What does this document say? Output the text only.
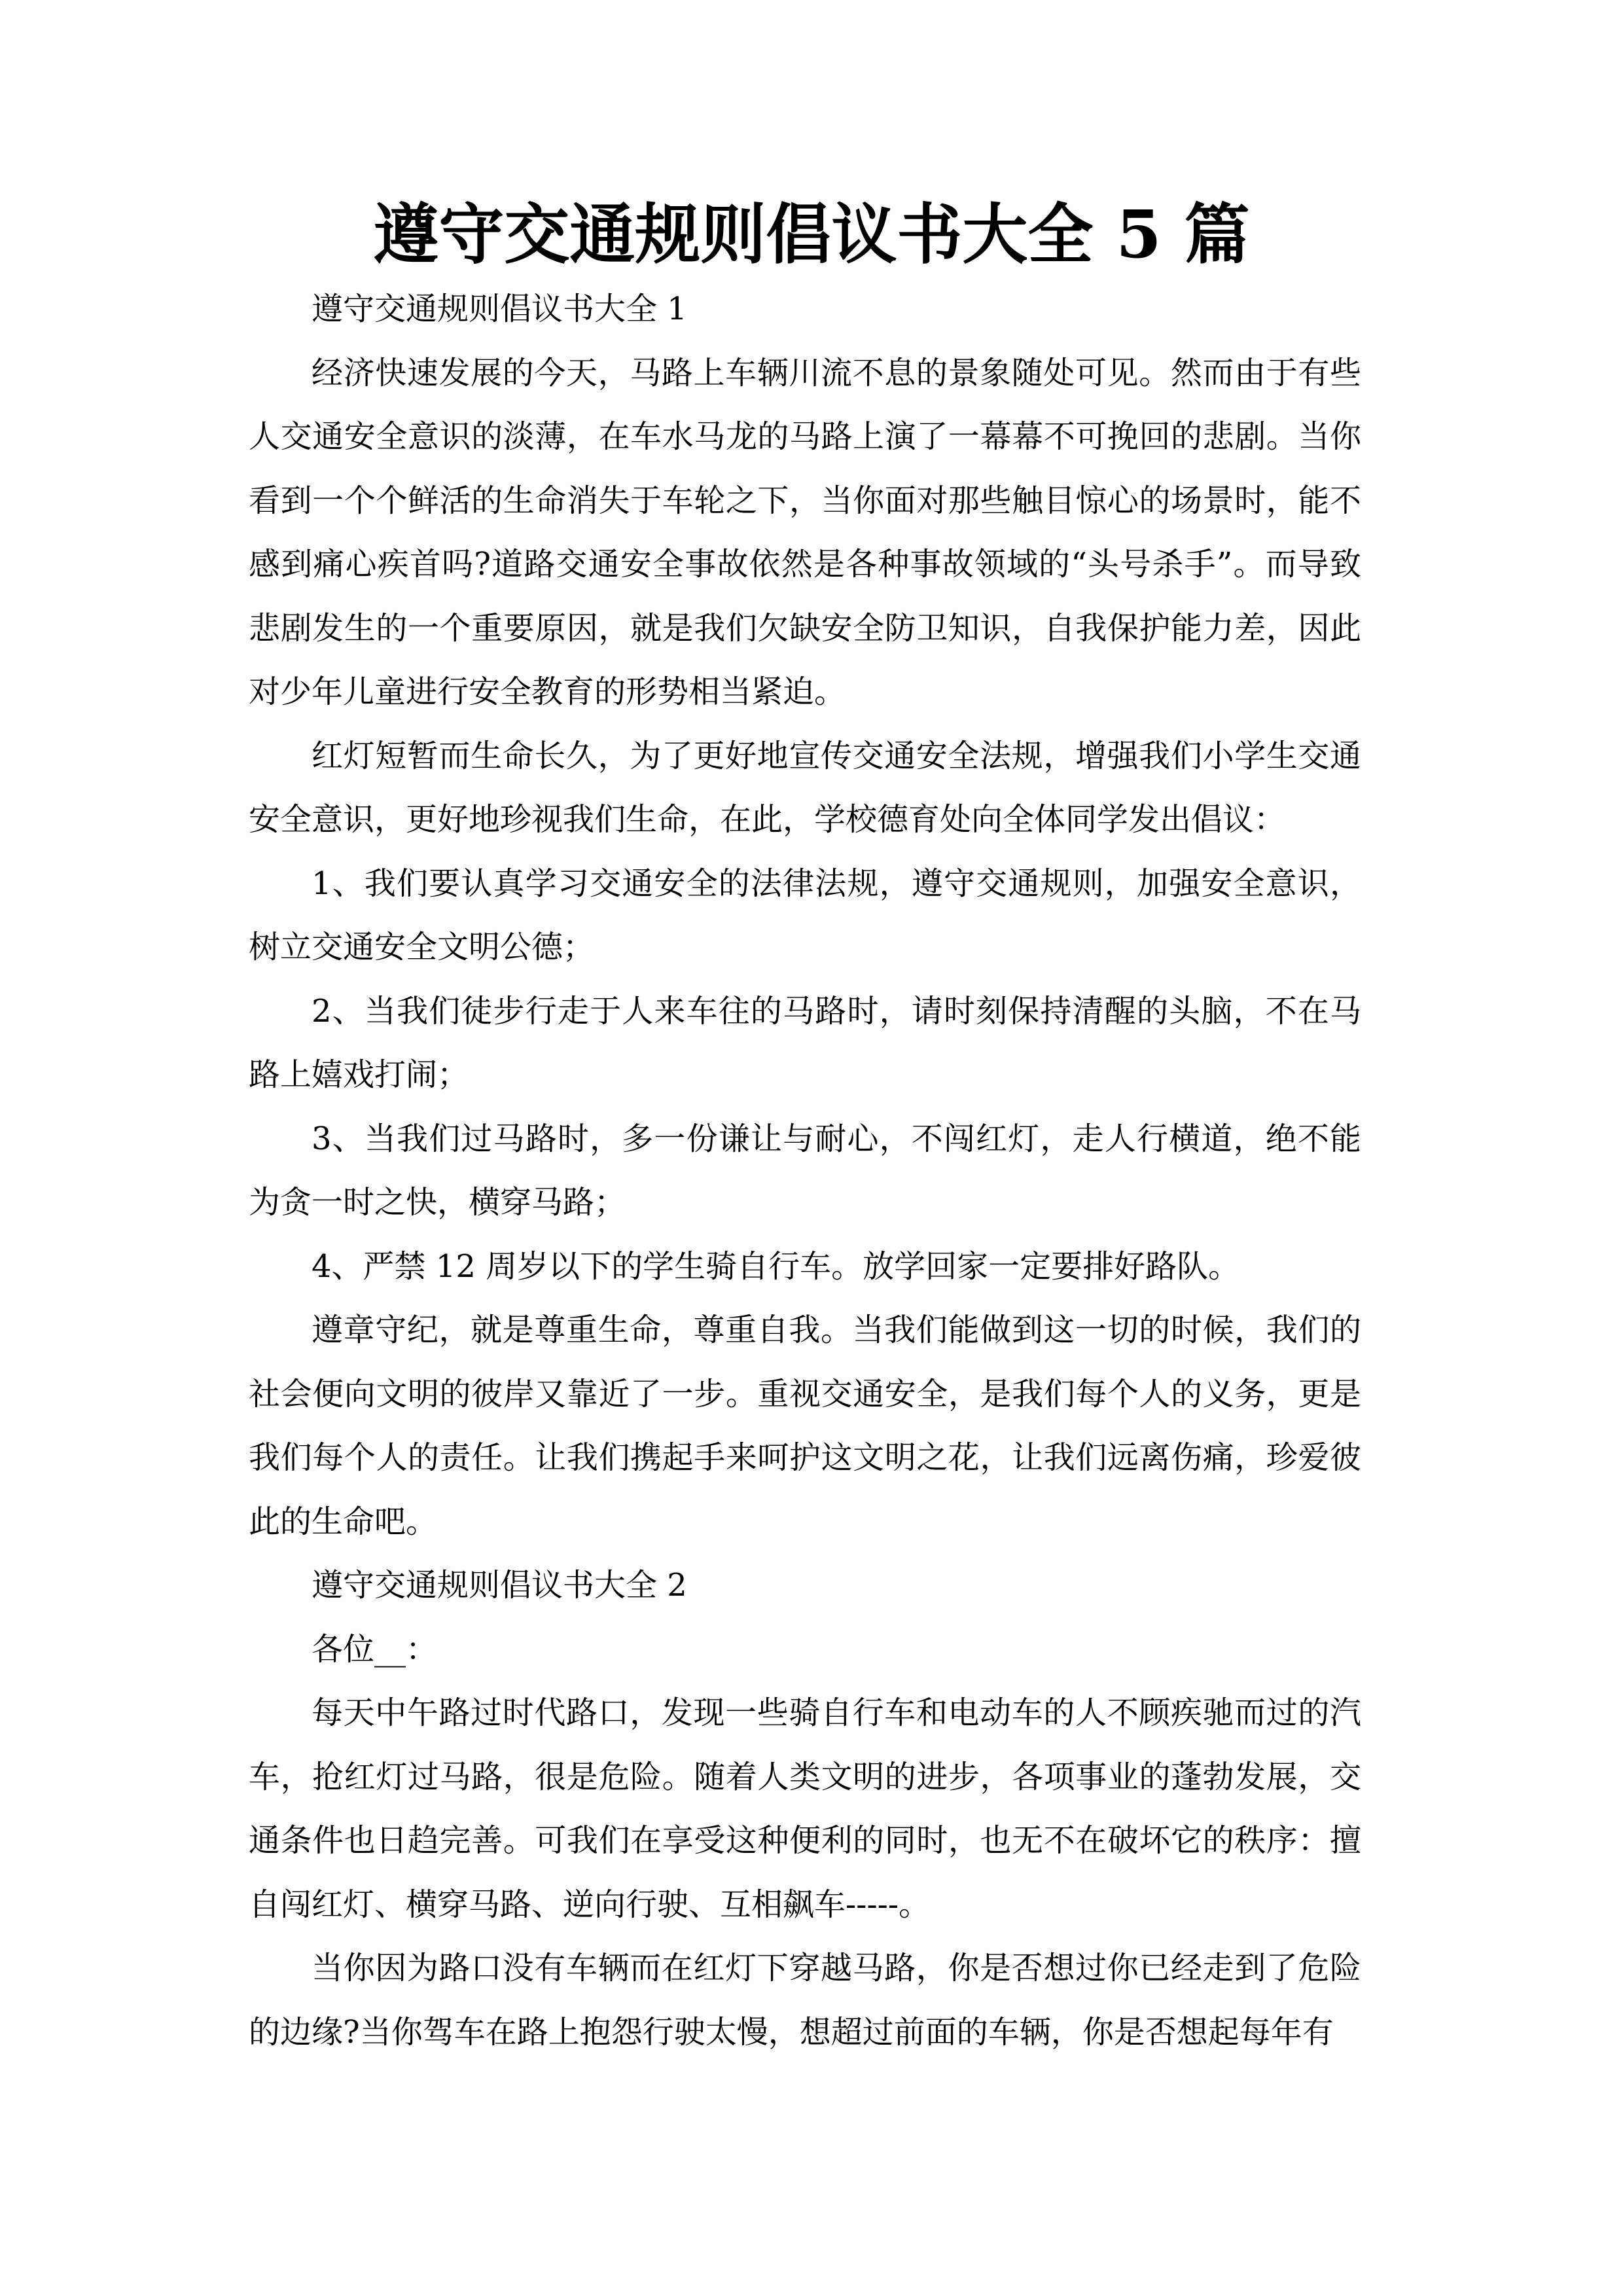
遵守交通规则倡议书大全 5 篇

遵守交通规则倡议书大全 1

经济快速发展的今天，马路上车辆川流不息的景象随处可见。然而由于有些人交通安全意识的淡薄，在车水马龙的马路上演了一幕幕不可挽回的悲剧。当你看到一个个鲜活的生命消失于车轮之下，当你面对那些触目惊心的场景时，能不感到痛心疾首吗?道路交通安全事故依然是各种事故领域的“头号杀手”。而导致悲剧发生的一个重要原因，就是我们欠缺安全防卫知识，自我保护能力差，因此对少年儿童进行安全教育的形势相当紧迫。

红灯短暂而生命长久，为了更好地宣传交通安全法规，增强我们小学生交通安全意识，更好地珍视我们生命，在此，学校德育处向全体同学发出倡议：

1、我们要认真学习交通安全的法律法规，遵守交通规则，加强安全意识，树立交通安全文明公德；

2、当我们徒步行走于人来车往的马路时，请时刻保持清醒的头脑，不在马路上嬉戏打闹；

3、当我们过马路时，多一份谦让与耐心，不闯红灯，走人行横道，绝不能为贪一时之快，横穿马路；

4、严禁 12 周岁以下的学生骑自行车。放学回家一定要排好路队。

遵章守纪，就是尊重生命，尊重自我。当我们能做到这一切的时候，我们的社会便向文明的彼岸又靠近了一步。重视交通安全，是我们每个人的义务，更是我们每个人的责任。让我们携起手来呵护这文明之花，让我们远离伤痛，珍爱彼此的生命吧。

遵守交通规则倡议书大全 2

各位__：

每天中午路过时代路口，发现一些骑自行车和电动车的人不顾疾驰而过的汽车，抢红灯过马路，很是危险。随着人类文明的进步，各项事业的蓬勃发展，交通条件也日趋完善。可我们在享受这种便利的同时，也无不在破坏它的秩序：擅自闯红灯、横穿马路、逆向行驶、互相飙车-----。

当你因为路口没有车辆而在红灯下穿越马路，你是否想过你已经走到了危险的边缘?当你驾车在路上抱怨行驶太慢，想超过前面的车辆，你是否想起每年有
